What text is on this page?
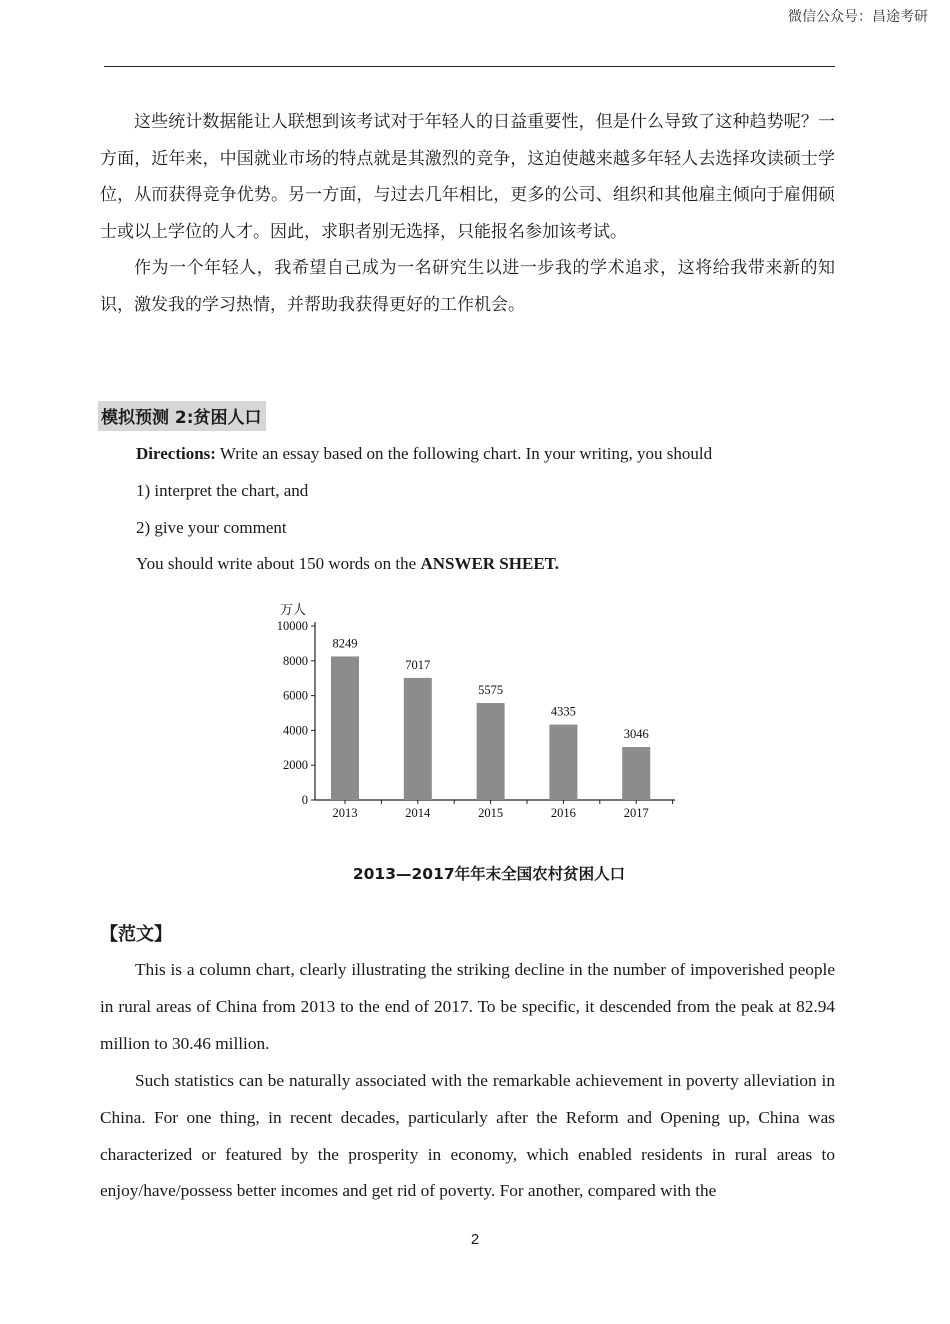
微信公众号：昌途考研

这些统计数据能让人联想到该考试对于年轻人的日益重要性，但是什么导致了这种趋势呢？一方面，近年来，中国就业市场的特点就是其激烈的竞争，这迫使越来越多年轻人去选择攻读硕士学位，从而获得竞争优势。另一方面，与过去几年相比，更多的公司、组织和其他雇主倾向于雇佣硕士或以上学位的人才。因此，求职者别无选择，只能报名参加该考试。

作为一个年轻人，我希望自己成为一名研究生以进一步我的学术追求，这将给我带来新的知识，激发我的学习热情，并帮助我获得更好的工作机会。

模拟预测 2:贫困人口

Directions: Write an essay based on the following chart. In your writing, you should

1) interpret the chart, and

2) give your comment

You should write about 150 words on the ANSWER SHEET.

万人
0
2000
4000
6000
8000
10000
2013	2014	2015	2016	2017
8249
7017
5575
4335
3046
2013—2017年年末全国农村贫困人口
【范文】

This is a column chart, clearly illustrating the striking decline in the number of impoverished people in rural areas of China from 2013 to the end of 2017. To be specific, it descended from the peak at 82.94 million to 30.46 million.

Such statistics can be naturally associated with the remarkable achievement in poverty alleviation in China. For one thing, in recent decades, particularly after the Reform and Opening up, China was characterized or featured by the prosperity in economy, which enabled residents in rural areas to enjoy/have/possess better incomes and get rid of poverty. For another, compared with the

2
